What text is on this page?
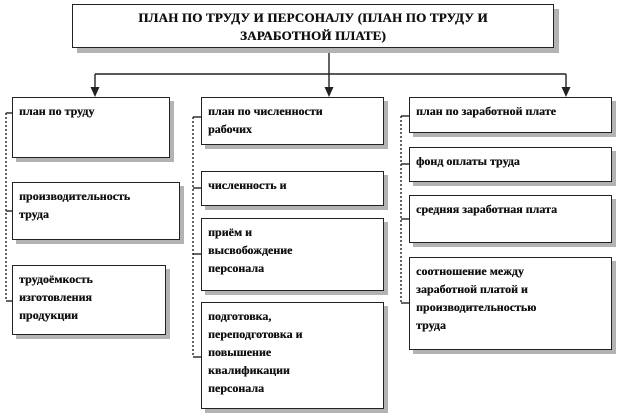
ПЛАН ПО ТРУДУ И ПЕРСОНАЛУ (ПЛАН ПО ТРУДУ И
ЗАРАБОТНОЙ ПЛАТЕ)
план по труду
производительность
труда
трудоёмкость
изготовления
продукции
план по численности
рабочих
численность и
приём и
высвобождение
персонала
подготовка,
переподготовка и
повышение
квалификации
персонала
план по заработной плате
фонд оплаты труда
средняя заработная плата
соотношение между
заработной платой и
производительностью
труда
